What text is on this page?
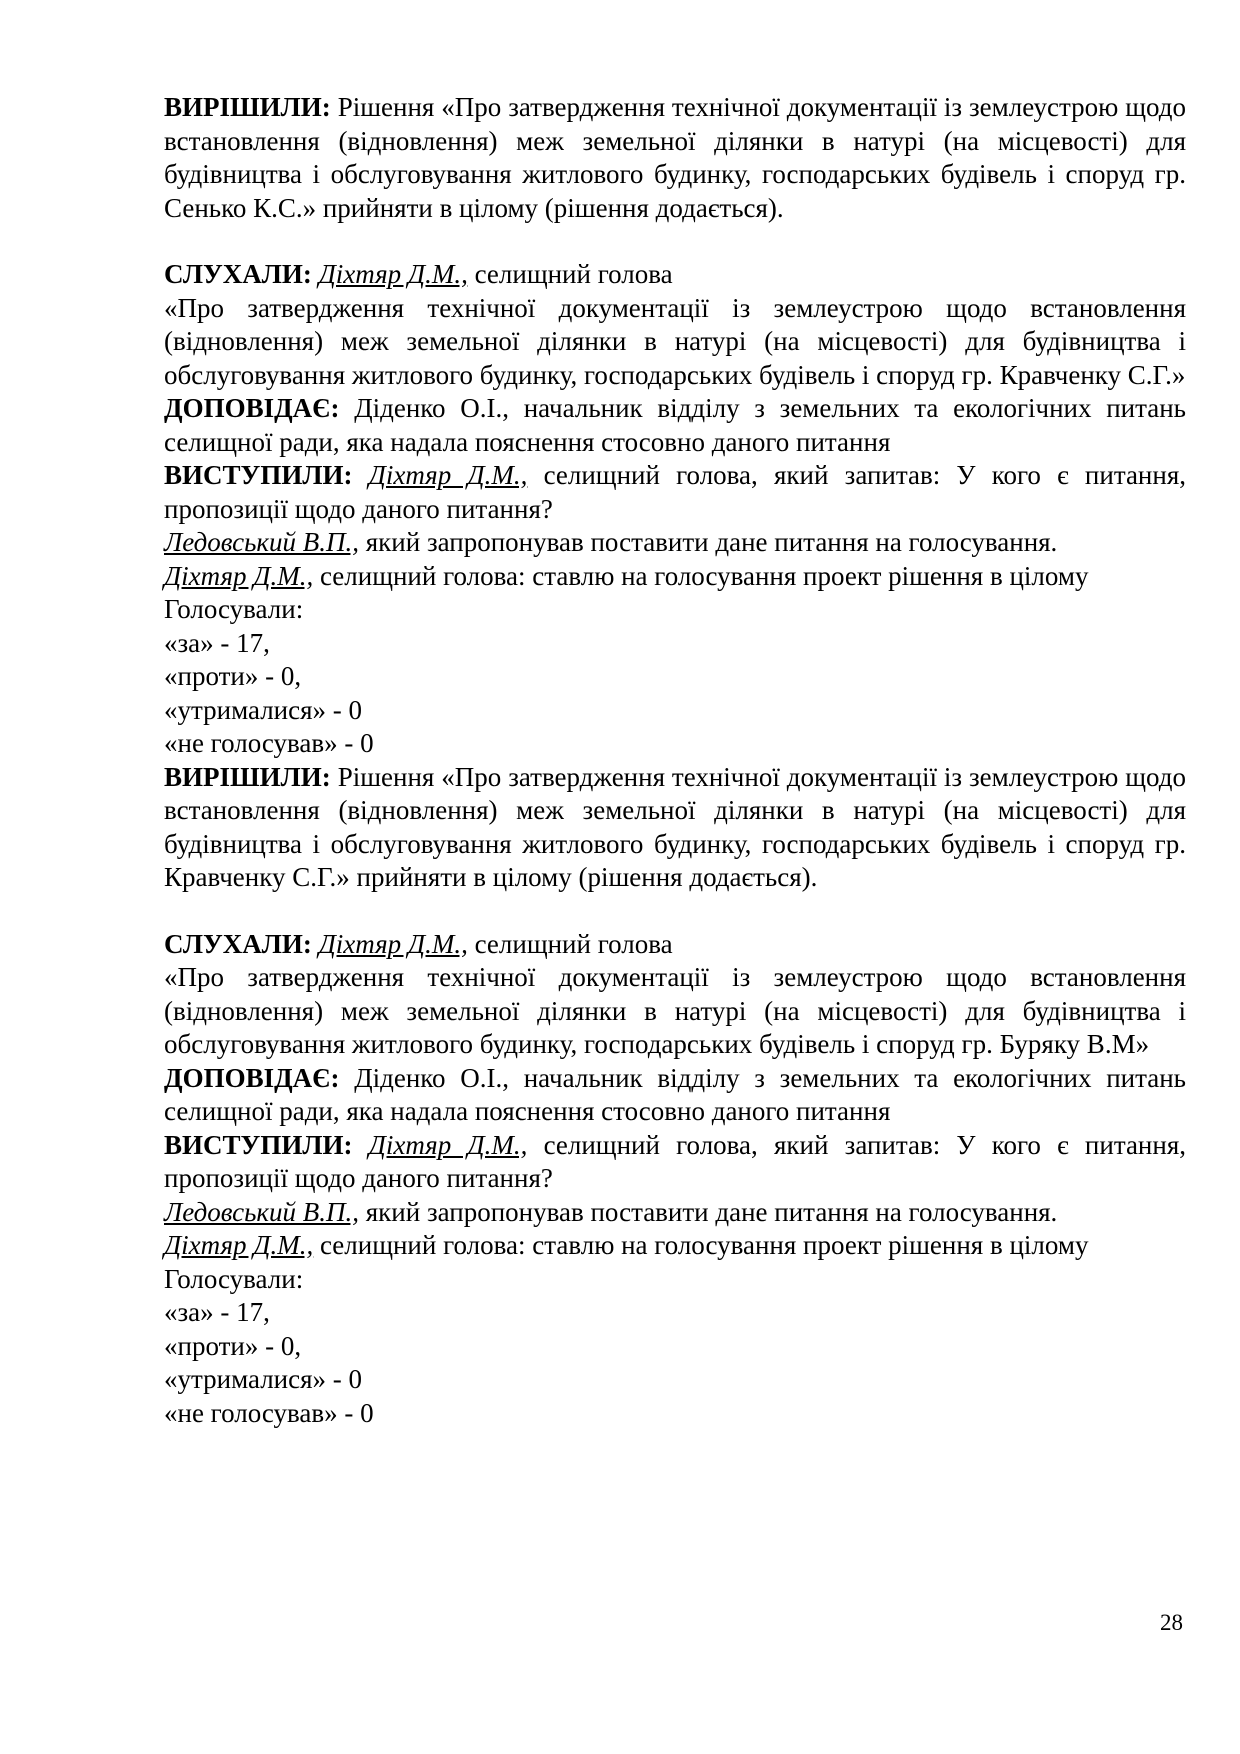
ВИРІШИЛИ: Рішення «Про затвердження технічної документації із землеустрою щодо встановлення (відновлення) меж земельної ділянки в натурі (на місцевості) для будівництва і обслуговування житлового будинку, господарських будівель і споруд гр. Сенько К.С.» прийняти в цілому (рішення додається).

СЛУХАЛИ: Діхтяр Д.М., селищний голова

«Про затвердження технічної документації із землеустрою щодо встановлення (відновлення) меж земельної ділянки в натурі (на місцевості) для будівництва і обслуговування житлового будинку, господарських будівель і споруд гр. Кравченку С.Г.»

ДОПОВІДАЄ: Діденко О.І., начальник відділу з земельних та екологічних питань селищної ради, яка надала пояснення стосовно даного питання

ВИСТУПИЛИ: Діхтяр Д.М., селищний голова, який запитав: У кого є питання, пропозиції щодо даного питання?

Ледовський В.П., який запропонував поставити дане питання на голосування.

Діхтяр Д.М., селищний голова: ставлю на голосування проект рішення в цілому

Голосували:

«за» - 17,

«проти» - 0,

«утрималися» - 0

«не голосував» - 0

ВИРІШИЛИ: Рішення «Про затвердження технічної документації із землеустрою щодо встановлення (відновлення) меж земельної ділянки в натурі (на місцевості) для будівництва і обслуговування житлового будинку, господарських будівель і споруд гр. Кравченку С.Г.» прийняти в цілому (рішення додається).

СЛУХАЛИ: Діхтяр Д.М., селищний голова

«Про затвердження технічної документації із землеустрою щодо встановлення (відновлення) меж земельної ділянки в натурі (на місцевості) для будівництва і обслуговування житлового будинку, господарських будівель і споруд гр. Буряку В.М»

ДОПОВІДАЄ: Діденко О.І., начальник відділу з земельних та екологічних питань селищної ради, яка надала пояснення стосовно даного питання

ВИСТУПИЛИ: Діхтяр Д.М., селищний голова, який запитав: У кого є питання, пропозиції щодо даного питання?

Ледовський В.П., який запропонував поставити дане питання на голосування.

Діхтяр Д.М., селищний голова: ставлю на голосування проект рішення в цілому

Голосували:

«за» - 17,

«проти» - 0,

«утрималися» - 0

«не голосував» - 0

28
